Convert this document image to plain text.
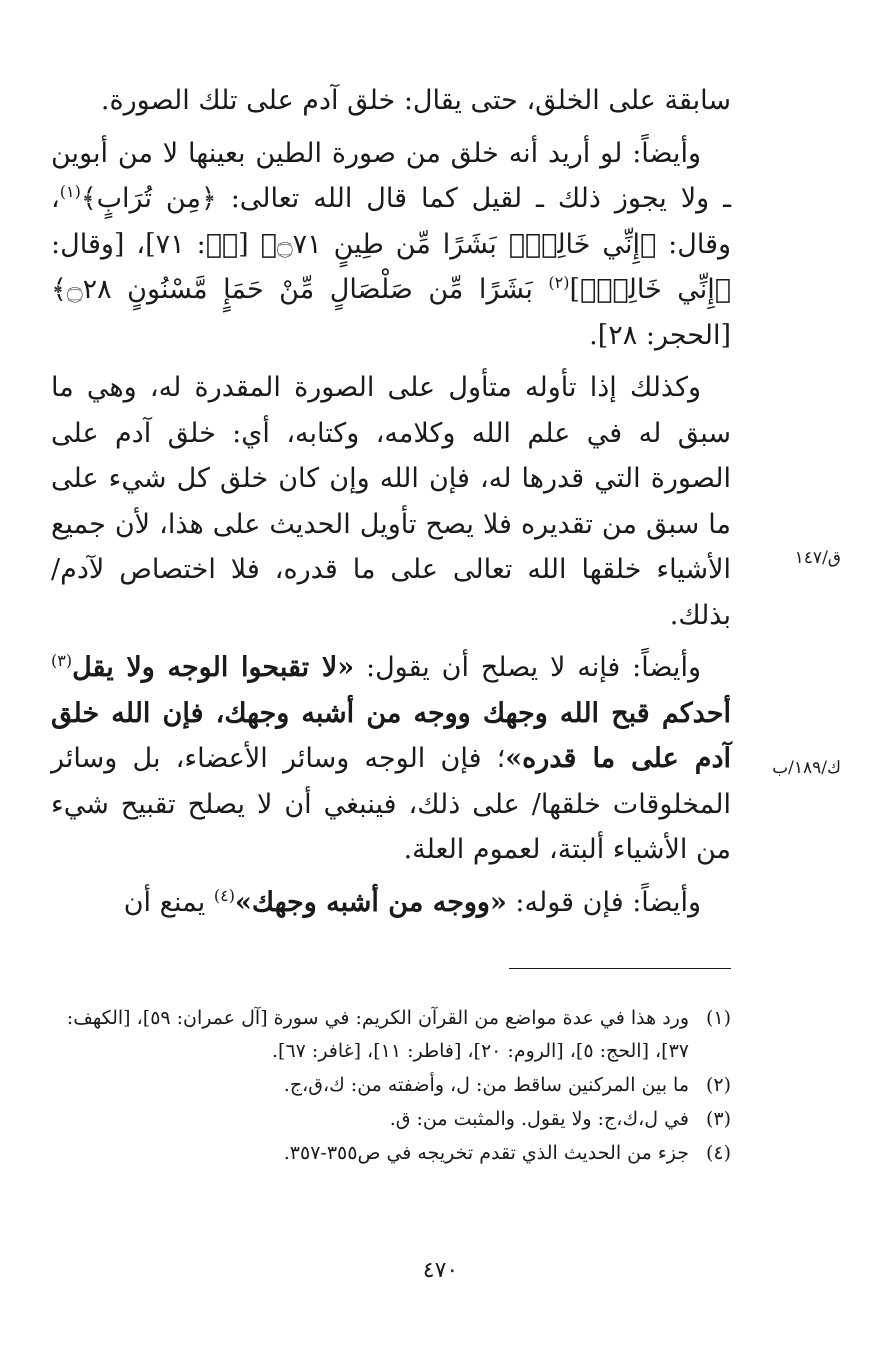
سابقة على الخلق، حتى يقال: خلق آدم على تلك الصورة.

وأيضاً: لو أريد أنه خلق من صورة الطين بعينها لا من أبوين ـ ولا يجوز ذلك ـ لقيل كما قال الله تعالى: ﴿مِن تُرَابٍ﴾$^{(١)}$، وقال: ﴿إِنِّي خَالِقٌۢ بَشَرًا مِّن طِينٍ ۝٧١﴾ [صۤ: ٧١]، [وقال: ﴿إِنِّي خَالِقٌۢ]$^{(٢)}$ بَشَرًا مِّن صَلْصَالٍ مِّنْ حَمَإٍ مَّسْنُونٍ ۝٢٨﴾ [الحجر: ٢٨].

وكذلك إذا تأوله متأول على الصورة المقدرة له، وهي ما سبق له في علم الله وكلامه، وكتابه، أي: خلق آدم على الصورة التي قدرها له، فإن الله وإن كان خلق كل شيء على ما سبق من تقديره فلا يصح تأويل الحديث على هذا، لأن جميع الأشياء خلقها الله تعالى على ما قدره، فلا اختصاص لآدم/ بذلك.

وأيضاً: فإنه لا يصلح أن يقول: «لا تقبحوا الوجه ولا يقل$^{(٣)}$ أحدكم قبح الله وجهك ووجه من أشبه وجهك، فإن الله خلق آدم على ما قدره»؛ فإن الوجه وسائر الأعضاء، بل وسائر المخلوقات خلقها/ على ذلك، فينبغي أن لا يصلح تقبيح شيء من الأشياء ألبتة، لعموم العلة.

وأيضاً: فإن قوله: «ووجه من أشبه وجهك»$^{(٤)}$ يمنع أن

ق/١٤٧
ك/١٨٩/ب
(١)
ورد هذا في عدة مواضع من القرآن الكريم: في سورة [آل عمران: ٥٩]، [الكهف: ٣٧]، [الحج: ٥]، [الروم: ٢٠]، [فاطر: ١١]، [غافر: ٦٧].
(٢)
ما بين المركنين ساقط من: ل، وأضفته من: ك،ق،ج.
(٣)
في ل،ك،ج: ولا يقول. والمثبت من: ق.
(٤)
جزء من الحديث الذي تقدم تخريجه في ص٣٥٥-٣٥٧.
٤٧٠
